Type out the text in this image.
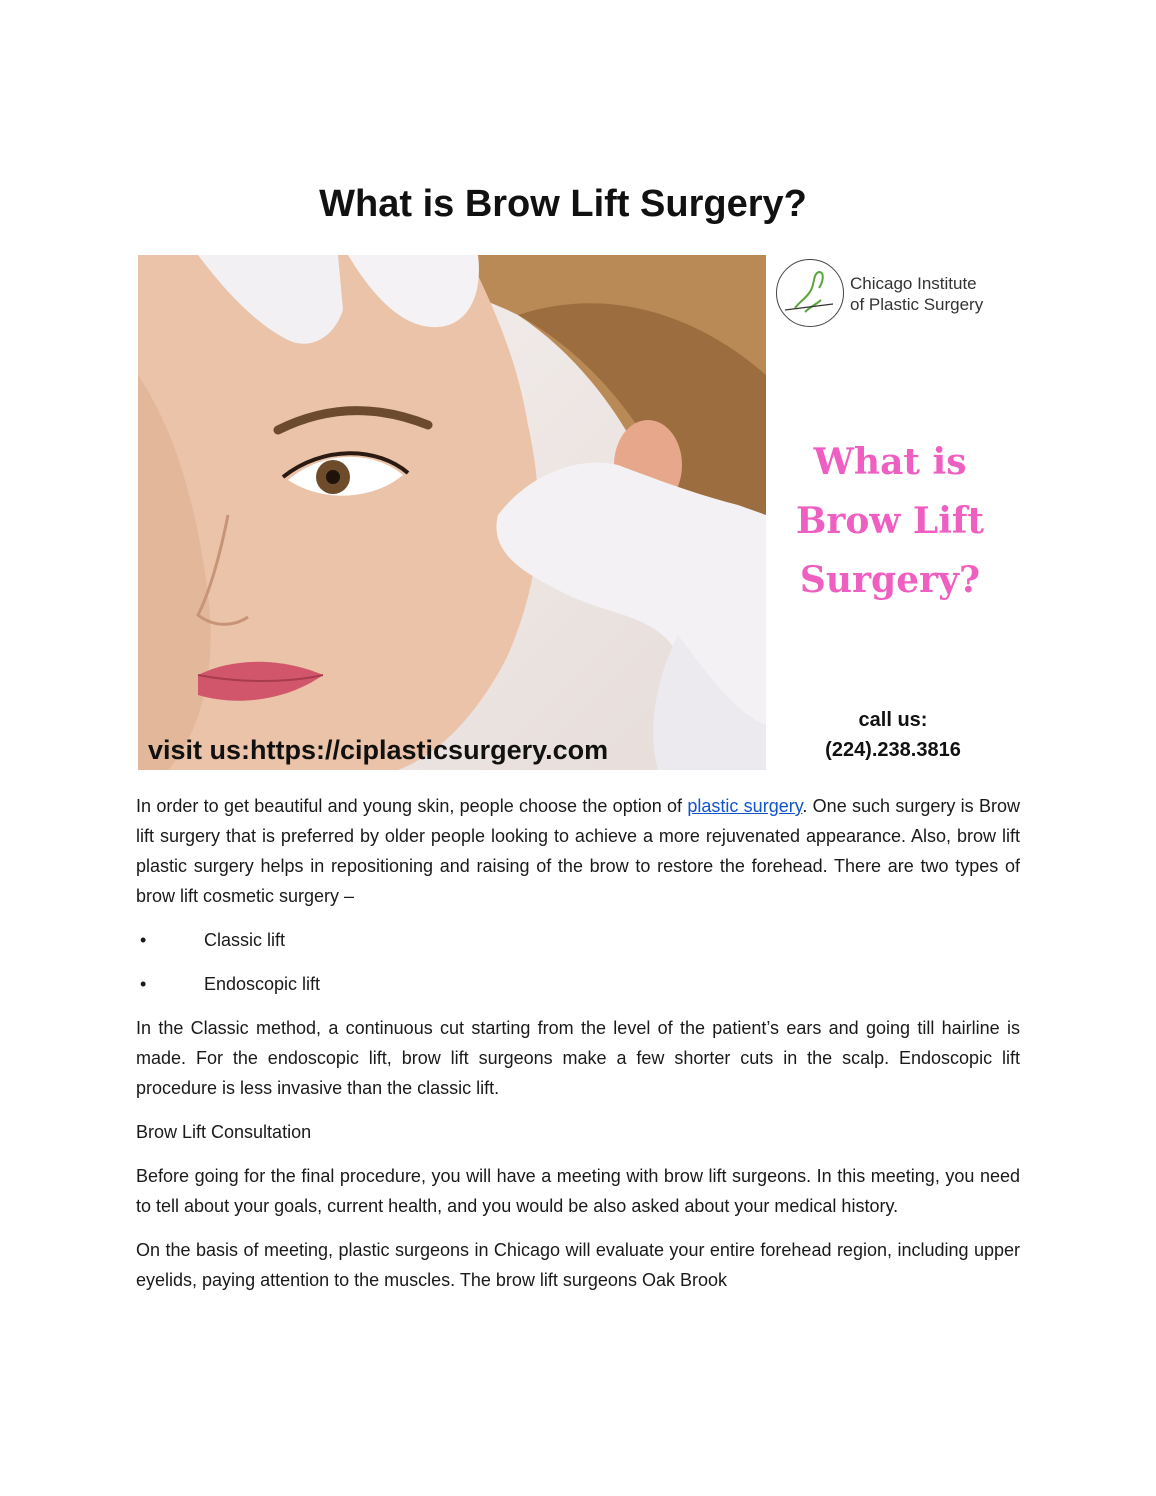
What is Brow Lift Surgery?
visit us:https://ciplasticsurgery.com
Chicago Institute
of Plastic Surgery
What is
Brow Lift
Surgery?
call us:
(224).238.3816

In order to get beautiful and young skin, people choose the option of plastic surgery. One such surgery is Brow lift surgery that is preferred by older people looking to achieve a more rejuvenated appearance. Also, brow lift plastic surgery helps in repositioning and raising of the brow to restore the forehead. There are two types of brow lift cosmetic surgery –

•	Classic lift
•	Endoscopic lift

In the Classic method, a continuous cut starting from the level of the patient’s ears and going till hairline is made. For the endoscopic lift, brow lift surgeons make a few shorter cuts in the scalp. Endoscopic lift procedure is less invasive than the classic lift.

Brow Lift Consultation

Before going for the final procedure, you will have a meeting with brow lift surgeons. In this meeting, you need to tell about your goals, current health, and you would be also asked about your medical history.

On the basis of meeting, plastic surgeons in Chicago will evaluate your entire forehead region, including upper eyelids, paying attention to the muscles. The brow lift surgeons Oak Brook
